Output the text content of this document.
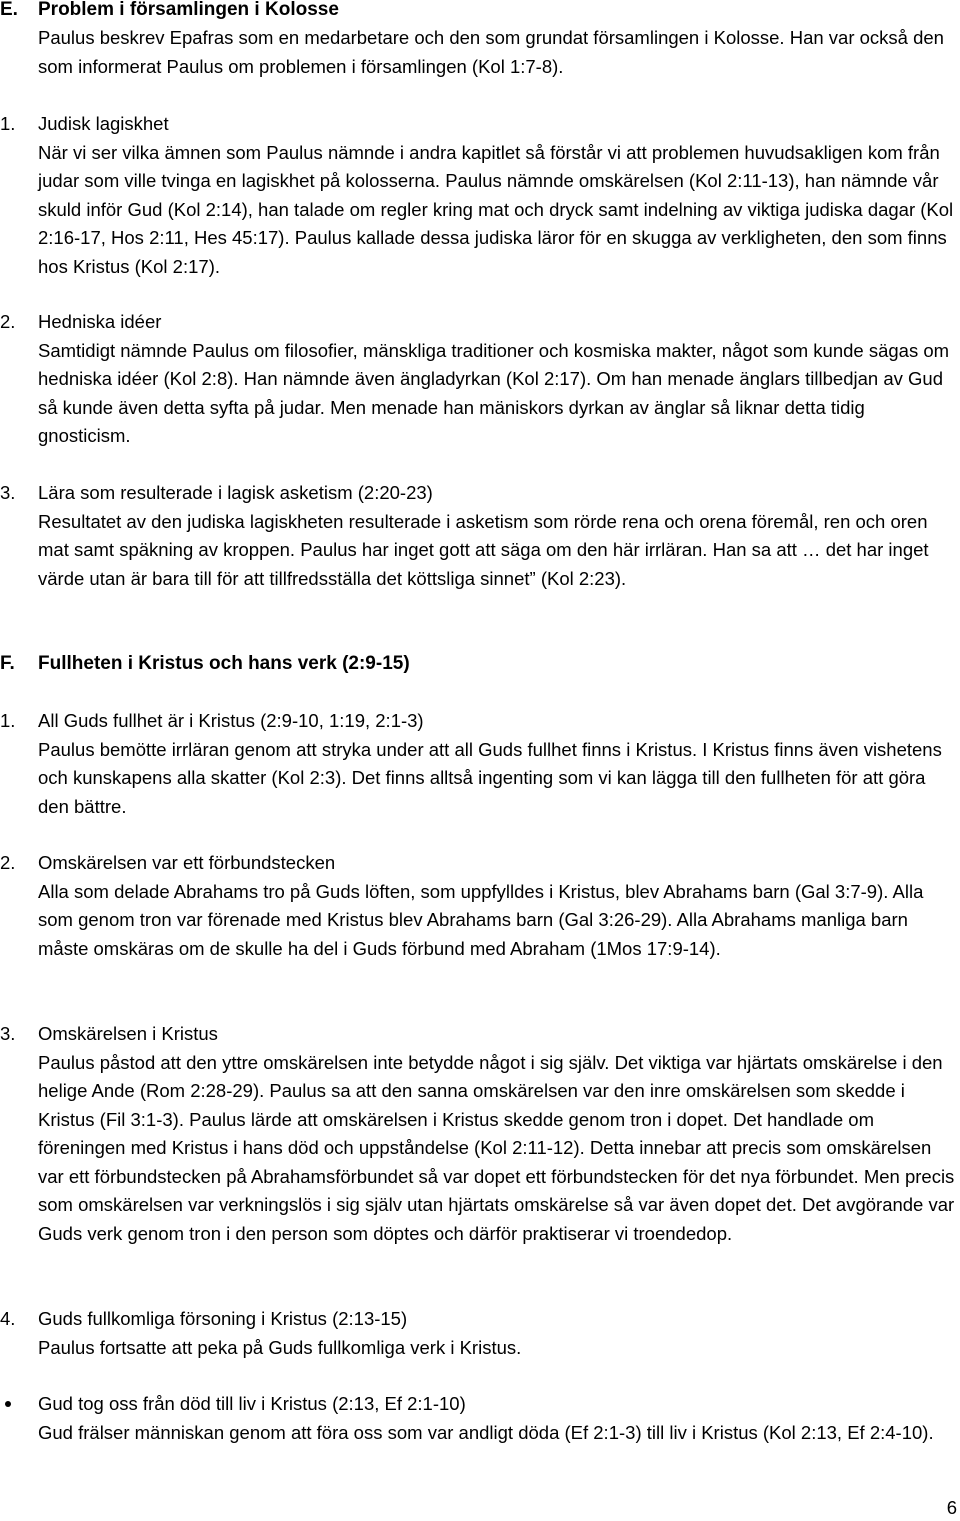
E. Problem i församlingen i Kolosse
Paulus beskrev Epafras som en medarbetare och den som grundat församlingen i Kolosse. Han var också den som informerat Paulus om problemen i församlingen (Kol 1:7-8).
1. Judisk lagiskhet
När vi ser vilka ämnen som Paulus nämnde i andra kapitlet så förstår vi att problemen huvudsakligen kom från judar som ville tvinga en lagiskhet på kolosserna. Paulus nämnde omskärelsen (Kol 2:11-13), han nämnde vår skuld inför Gud (Kol 2:14), han talade om regler kring mat och dryck samt indelning av viktiga judiska dagar (Kol 2:16-17, Hos 2:11, Hes 45:17). Paulus kallade dessa judiska läror för en skugga av verkligheten, den som finns hos Kristus (Kol 2:17).
2. Hedniska idéer
Samtidigt nämnde Paulus om filosofier, mänskliga traditioner och kosmiska makter, något som kunde sägas om hedniska idéer (Kol 2:8). Han nämnde även ängladyrkan (Kol 2:17). Om han menade änglars tillbedjan av Gud så kunde även detta syfta på judar. Men menade han mäniskors dyrkan av änglar så liknar detta tidig gnosticism.
3. Lära som resulterade i lagisk asketism (2:20-23)
Resultatet av den judiska lagiskheten resulterade i asketism som rörde rena och orena föremål, ren och oren mat samt späkning av kroppen. Paulus har inget gott att säga om den här irrläran. Han sa att … det har inget värde utan är bara till för att tillfredsställa det köttsliga sinnet” (Kol 2:23).
F. Fullheten i Kristus och hans verk (2:9-15)
1. All Guds fullhet är i Kristus (2:9-10, 1:19, 2:1-3)
Paulus bemötte irrläran genom att stryka under att all Guds fullhet finns i Kristus. I Kristus finns även vishetens och kunskapens alla skatter (Kol 2:3). Det finns alltså ingenting som vi kan lägga till den fullheten för att göra den bättre.
2. Omskärelsen var ett förbundstecken
Alla som delade Abrahams tro på Guds löften, som uppfylldes i Kristus, blev Abrahams barn (Gal 3:7-9). Alla som genom tron var förenade med Kristus blev Abrahams barn (Gal 3:26-29). Alla Abrahams manliga barn måste omskäras om de skulle ha del i Guds förbund med Abraham (1Mos 17:9-14).
3. Omskärelsen i Kristus
Paulus påstod att den yttre omskärelsen inte betydde något i sig själv. Det viktiga var hjärtats omskärelse i den helige Ande (Rom 2:28-29). Paulus sa att den sanna omskärelsen var den inre omskärelsen som skedde i Kristus (Fil 3:1-3). Paulus lärde att omskärelsen i Kristus skedde genom tron i dopet. Det handlade om föreningen med Kristus i hans död och uppståndelse (Kol 2:11-12). Detta innebar att precis som omskärelsen var ett förbundstecken på Abrahamsförbundet så var dopet ett förbundstecken för det nya förbundet. Men precis som omskärelsen var verkningslös i sig själv utan hjärtats omskärelse så var även dopet det. Det avgörande var Guds verk genom tron i den person som döptes och därför praktiserar vi troendedop.
4. Guds fullkomliga försoning i Kristus (2:13-15)
Paulus fortsatte att peka på Guds fullkomliga verk i Kristus.
Gud tog oss från död till liv i Kristus (2:13, Ef 2:1-10)
Gud frälser människan genom att föra oss som var andligt döda (Ef 2:1-3) till liv i Kristus (Kol 2:13, Ef 2:4-10).
6
